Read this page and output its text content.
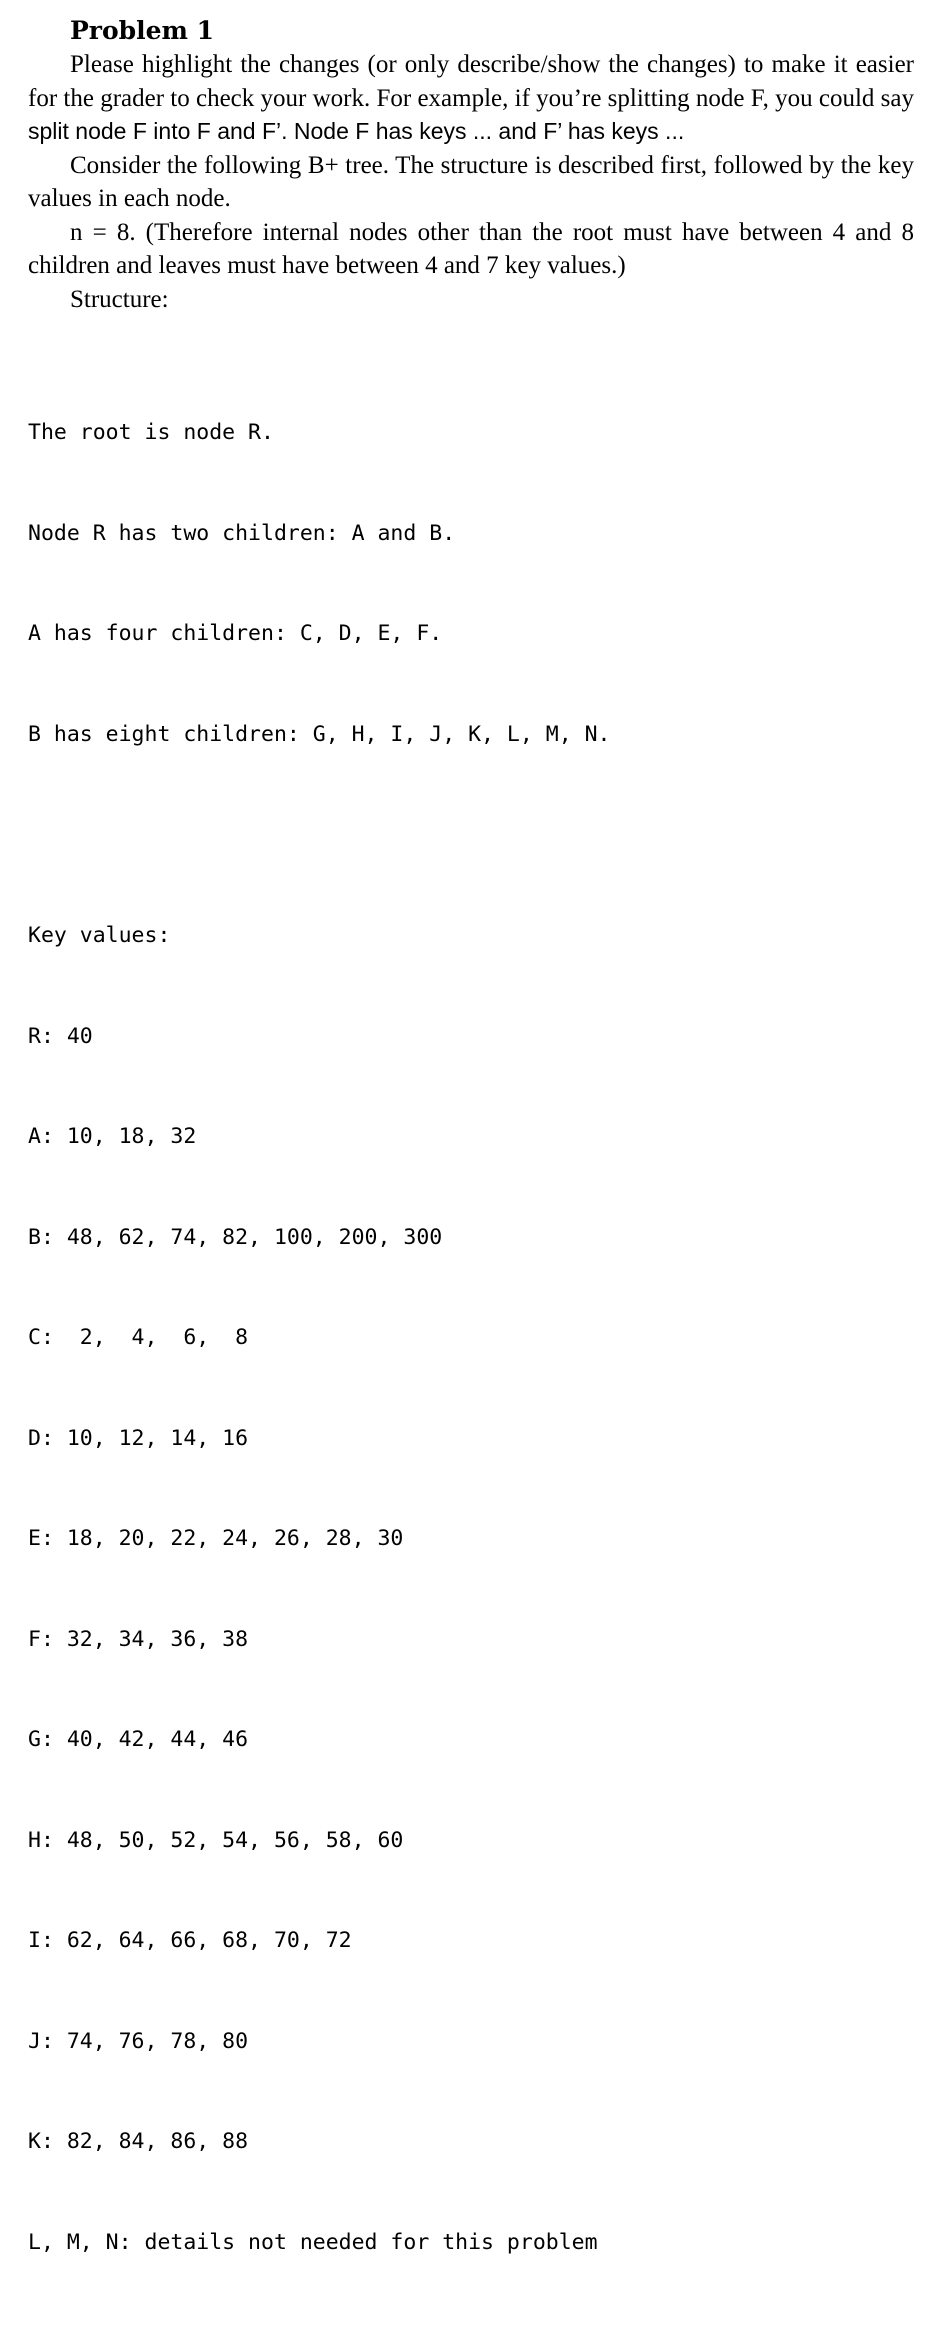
Problem 1

Please highlight the changes (or only describe/show the changes) to make it easier for the grader to check your work. For example, if you’re splitting node F, you could say split node F into F and F’. Node F has keys ... and F’ has keys ...

Consider the following B+ tree. The structure is described first, followed by the key values in each node.

n = 8. (Therefore internal nodes other than the root must have between 4 and 8 children and leaves must have between 4 and 7 key values.)

Structure:

The root is node R.

Node R has two children: A and B.

A has four children: C, D, E, F.

B has eight children: G, H, I, J, K, L, M, N.

Key values:

R: 40

A: 10, 18, 32

B: 48, 62, 74, 82, 100, 200, 300

C:  2,  4,  6,  8

D: 10, 12, 14, 16

E: 18, 20, 22, 24, 26, 28, 30

F: 32, 34, 36, 38

G: 40, 42, 44, 46

H: 48, 50, 52, 54, 56, 58, 60

I: 62, 64, 66, 68, 70, 72

J: 74, 76, 78, 80

K: 82, 84, 86, 88

L, M, N: details not needed for this problem
